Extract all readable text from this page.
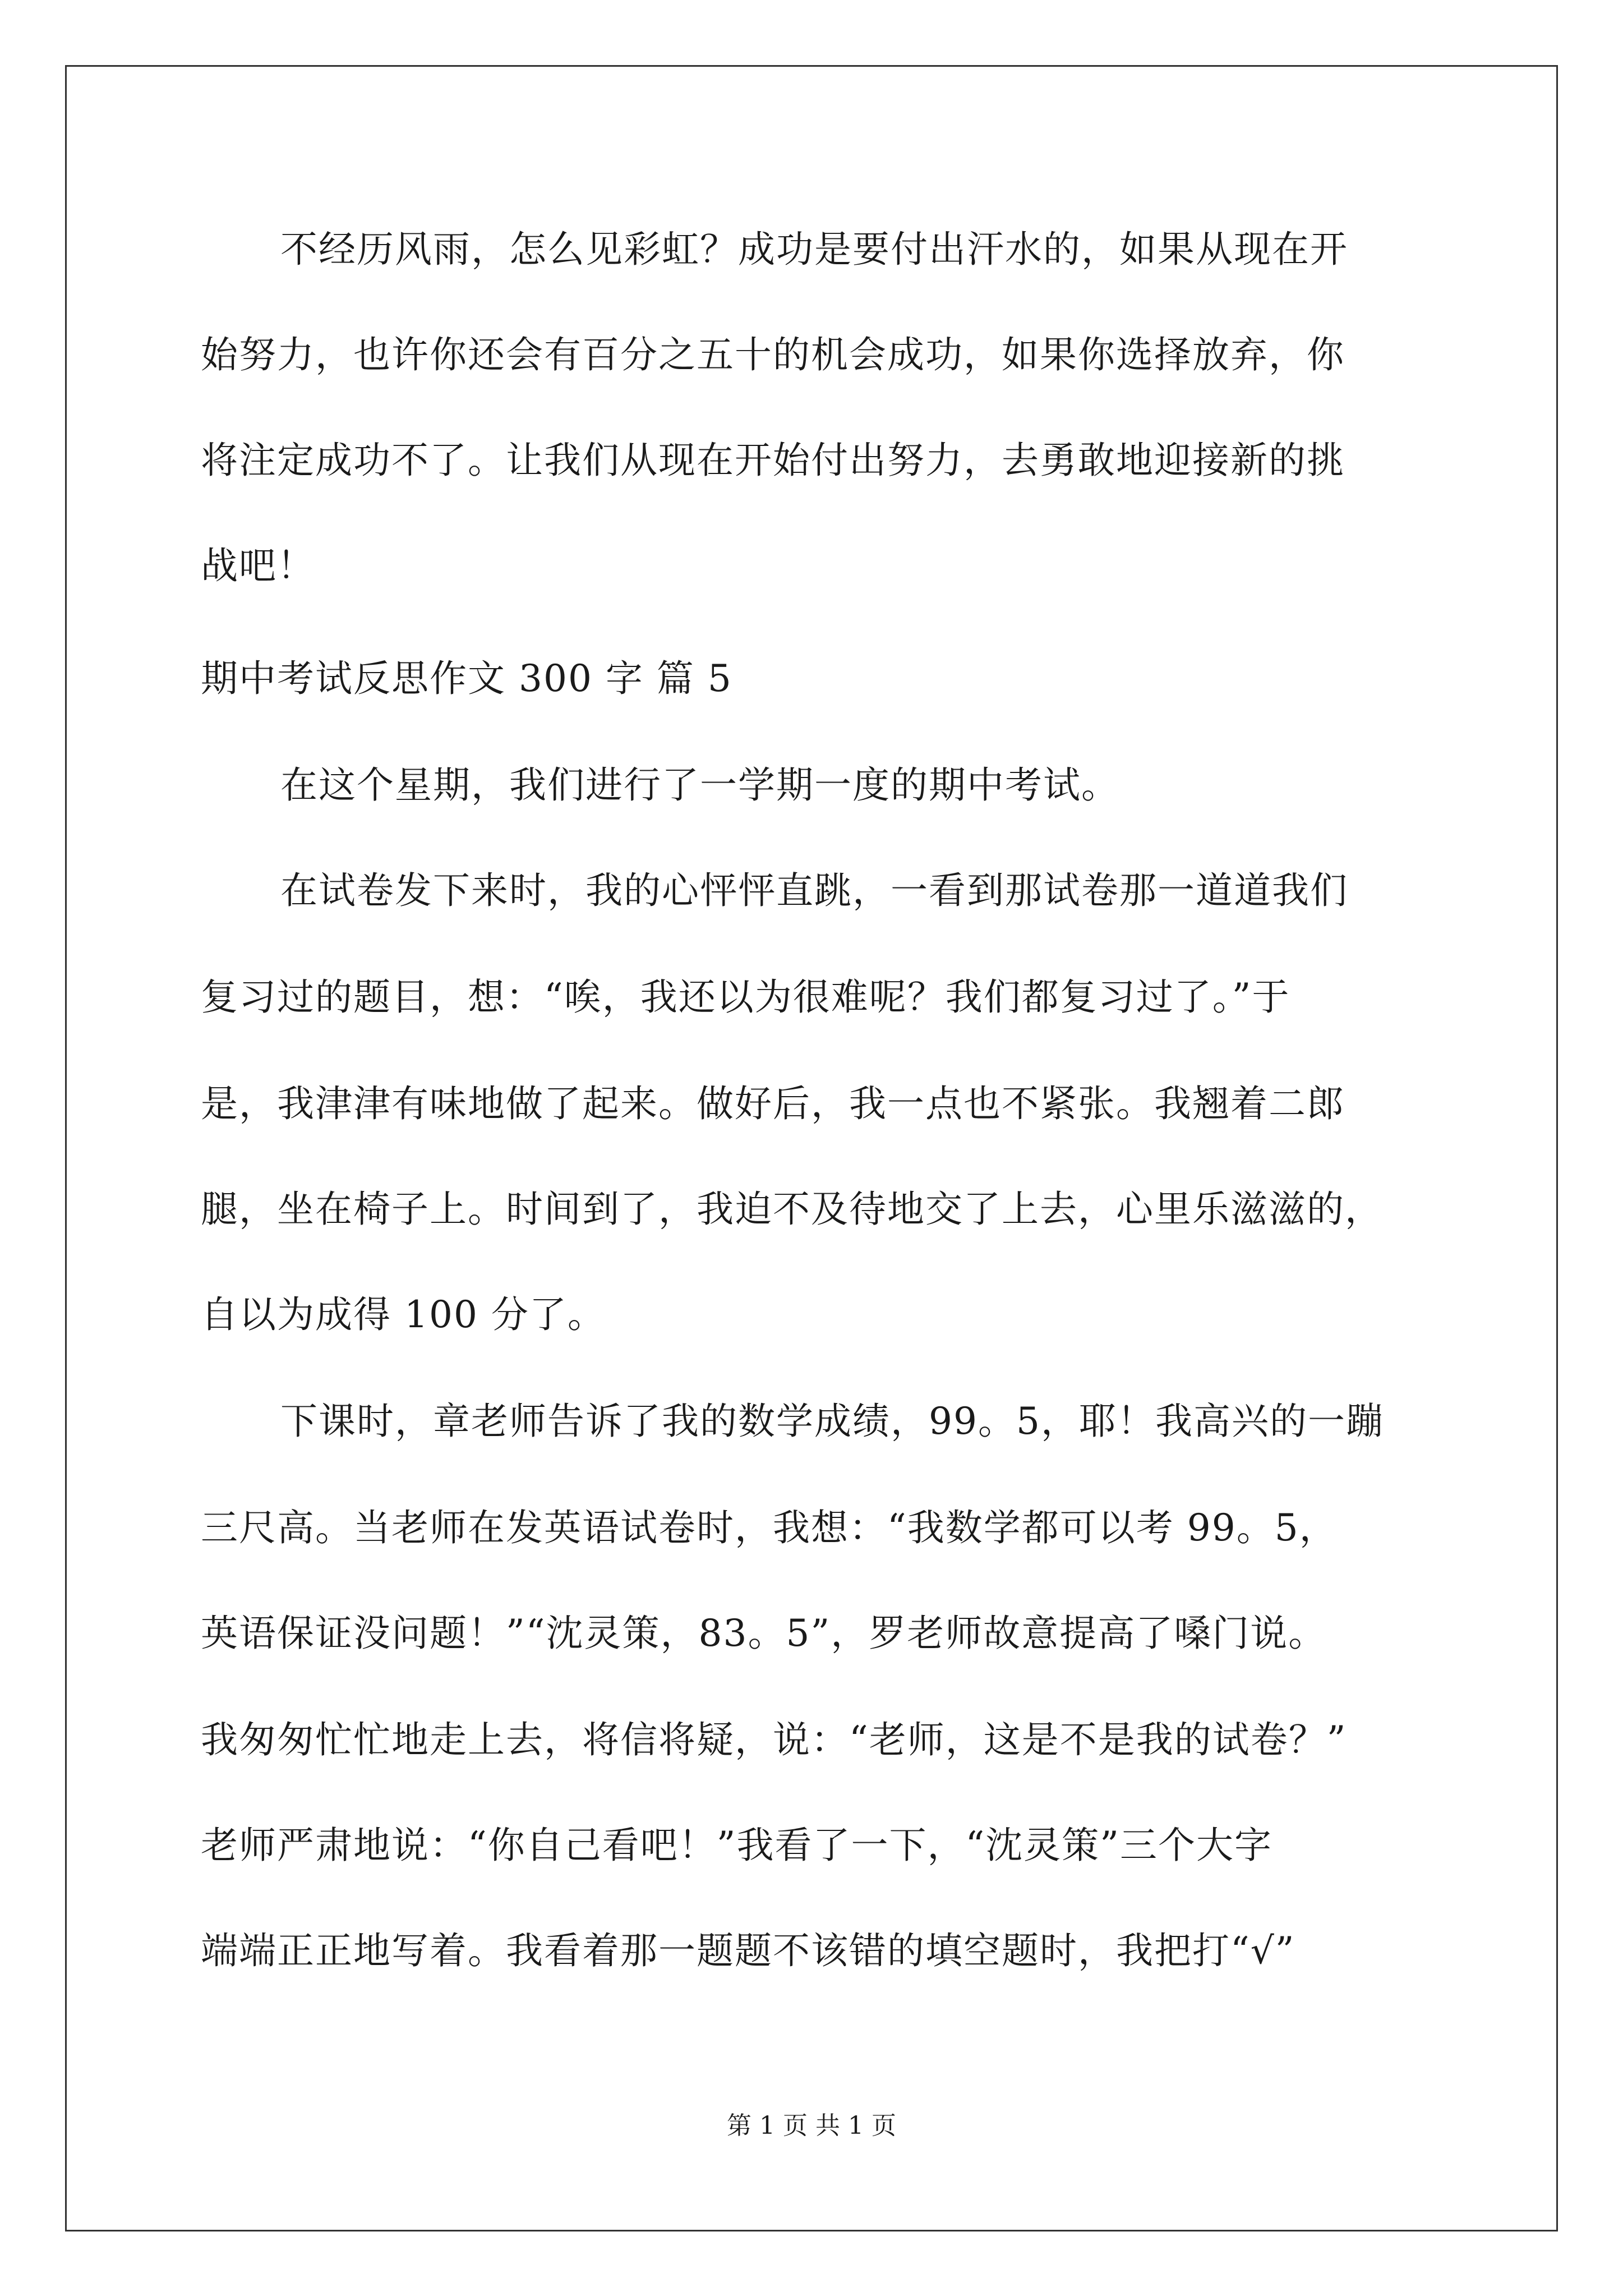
不经历风雨，怎么见彩虹？成功是要付出汗水的，如果从现在开
始努力，也许你还会有百分之五十的机会成功，如果你选择放弃，你
将注定成功不了。让我们从现在开始付出努力，去勇敢地迎接新的挑
战吧！
期中考试反思作文 300 字 篇 5
在这个星期，我们进行了一学期一度的期中考试。
在试卷发下来时，我的心怦怦直跳，一看到那试卷那一道道我们
复习过的题目，想：“唉，我还以为很难呢？我们都复习过了。”于
是，我津津有味地做了起来。做好后，我一点也不紧张。我翘着二郎
腿，坐在椅子上。时间到了，我迫不及待地交了上去，心里乐滋滋的，
自以为成得 100 分了。
下课时，章老师告诉了我的数学成绩，99。5，耶！我高兴的一蹦
三尺高。当老师在发英语试卷时，我想：“我数学都可以考 99。5，
英语保证没问题！”“沈灵策，83。5”，罗老师故意提高了嗓门说。
我匆匆忙忙地走上去，将信将疑，说：“老师，这是不是我的试卷？”
老师严肃地说：“你自己看吧！”我看了一下，“沈灵策”三个大字
端端正正地写着。我看着那一题题不该错的填空题时，我把打“√”
第 1 页 共 1 页
